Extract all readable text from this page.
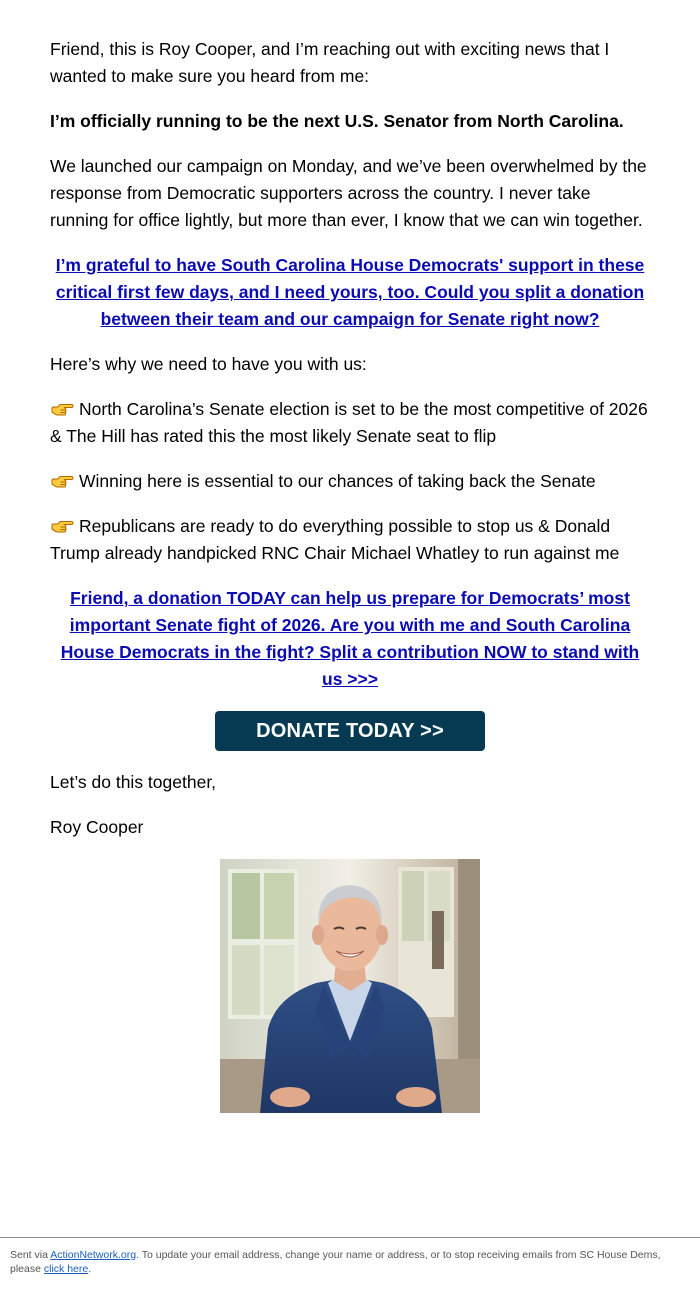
Friend, this is Roy Cooper, and I’m reaching out with exciting news that I wanted to make sure you heard from me:

I’m officially running to be the next U.S. Senator from North Carolina.

We launched our campaign on Monday, and we’ve been overwhelmed by the response from Democratic supporters across the country. I never take running for office lightly, but more than ever, I know that we can win together.

I’m grateful to have South Carolina House Democrats' support in these critical first few days, and I need yours, too. Could you split a donation between their team and our campaign for Senate right now?

Here’s why we need to have you with us:

North Carolina’s Senate election is set to be the most competitive of 2026 & The Hill has rated this the most likely Senate seat to flip

Winning here is essential to our chances of taking back the Senate

Republicans are ready to do everything possible to stop us & Donald Trump already handpicked RNC Chair Michael Whatley to run against me

Friend, a donation TODAY can help us prepare for Democrats’ most important Senate fight of 2026. Are you with me and South Carolina House Democrats in the fight? Split a contribution NOW to stand with us >>>

DONATE TODAY >>

Let’s do this together,

Roy Cooper

Sent via ActionNetwork.org. To update your email address, change your name or address, or to stop receiving emails from SC House Dems, please click here.
